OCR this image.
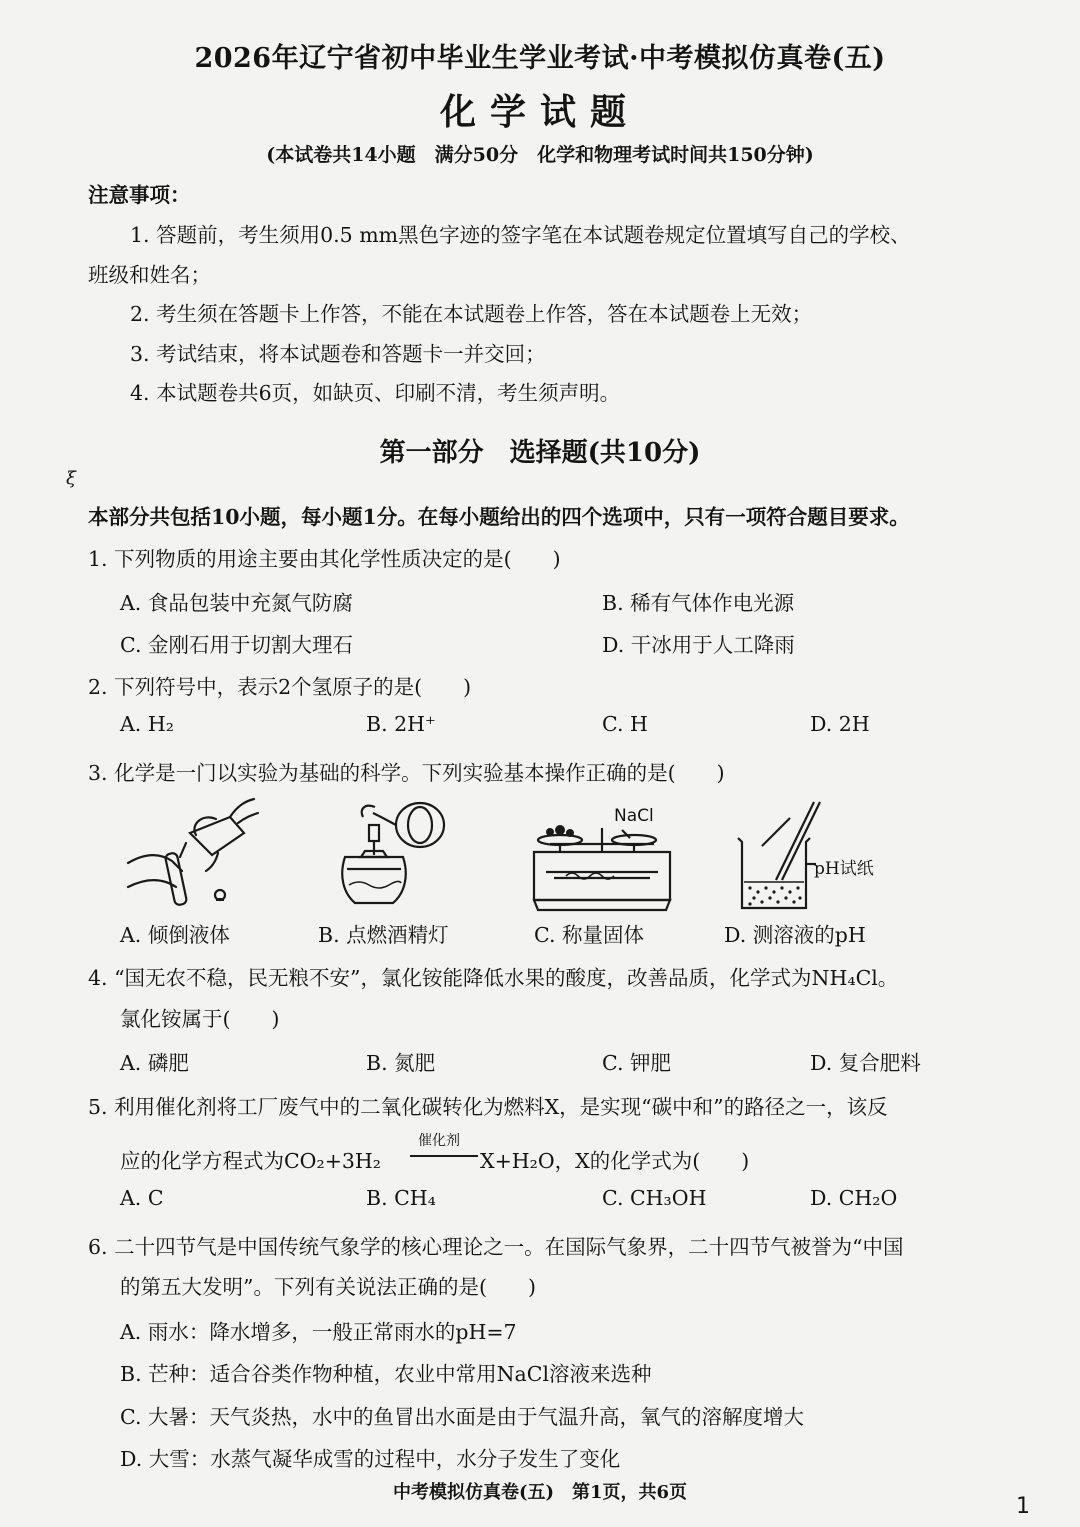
2026年辽宁省初中毕业生学业考试·中考模拟仿真卷(五)
化学试题
(本试卷共14小题　满分50分　化学和物理考试时间共150分钟)
注意事项：
1. 答题前，考生须用0.5 mm黑色字迹的签字笔在本试题卷规定位置填写自己的学校、
班级和姓名；
2. 考生须在答题卡上作答，不能在本试题卷上作答，答在本试题卷上无效；
3. 考试结束，将本试题卷和答题卡一并交回；
4. 本试题卷共6页，如缺页、印刷不清，考生须声明。
第一部分　选择题(共10分)
ξ
本部分共包括10小题，每小题1分。在每小题给出的四个选项中，只有一项符合题目要求。
1. 下列物质的用途主要由其化学性质决定的是(　　)
A. 食品包装中充氮气防腐	B. 稀有气体作电光源
C. 金刚石用于切割大理石	D. 干冰用于人工降雨
2. 下列符号中，表示2个氢原子的是(　　)
A. H₂	B. 2H⁺	C. H	D. 2H
3. 化学是一门以实验为基础的科学。下列实验基本操作正确的是(　　)
NaCl
pH试纸
A. 倾倒液体	B. 点燃酒精灯	C. 称量固体	D. 测溶液的pH
4. “国无农不稳，民无粮不安”，氯化铵能降低水果的酸度，改善品质，化学式为NH₄Cl。
氯化铵属于(　　)
A. 磷肥	B. 氮肥	C. 钾肥	D. 复合肥料
5. 利用催化剂将工厂废气中的二氧化碳转化为燃料X，是实现“碳中和”的路径之一，该反
催化剂
应的化学方程式为CO₂+3H₂	X+H₂O，X的化学式为(　　)
A. C	B. CH₄	C. CH₃OH	D. CH₂O
6. 二十四节气是中国传统气象学的核心理论之一。在国际气象界，二十四节气被誉为“中国
的第五大发明”。下列有关说法正确的是(　　)
A. 雨水：降水增多，一般正常雨水的pH=7
B. 芒种：适合谷类作物种植，农业中常用NaCl溶液来选种
C. 大暑：天气炎热，水中的鱼冒出水面是由于气温升高，氧气的溶解度增大
D. 大雪：水蒸气凝华成雪的过程中，水分子发生了变化
中考模拟仿真卷(五)　第1页，共6页
1
